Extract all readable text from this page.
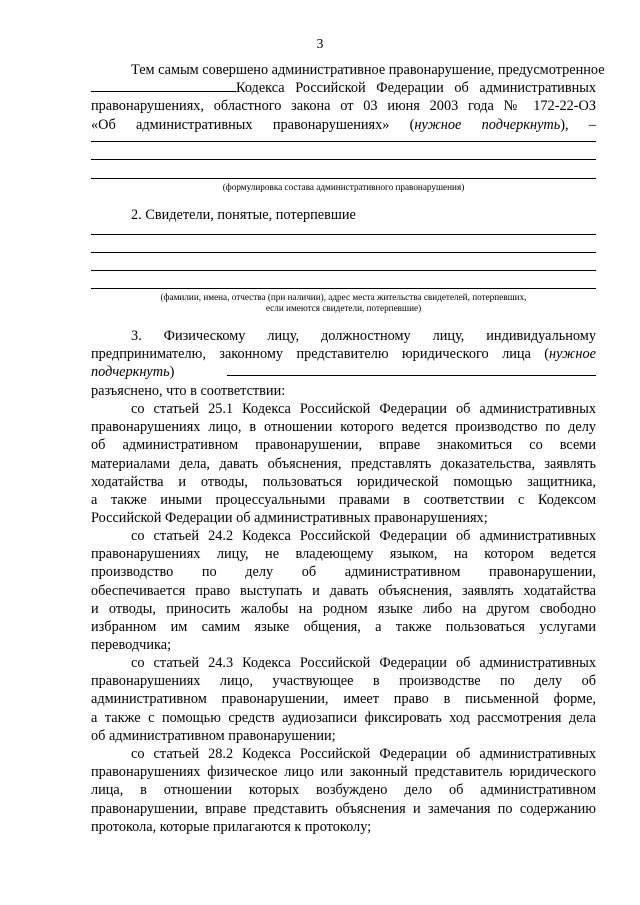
3
Тем самым совершено административное правонарушение, предусмотренное
Кодекса Российской Федерации об административных
правонарушениях, областного закона от 03 июня 2003 года № 172-22-ОЗ
«Об административных правонарушениях» (нужное подчеркнуть), –
(формулировка состава административного правонарушения)
2. Свидетели, понятые, потерпевшие
(фамилии, имена, отчества (при наличии), адрес места жительства свидетелей, потерпевших,
если имеются свидетели, потерпевшие)
3. Физическому лицу, должностному лицу, индивидуальному
предпринимателю, законному представителю юридического лица (нужное
подчеркнуть)
разъяснено, что в соответствии:
со статьей 25.1 Кодекса Российской Федерации об административных
правонарушениях лицо, в отношении которого ведется производство по делу
об административном правонарушении, вправе знакомиться со всеми
материалами дела, давать объяснения, представлять доказательства, заявлять
ходатайства и отводы, пользоваться юридической помощью защитника,
а также иными процессуальными правами в соответствии с Кодексом
Российской Федерации об административных правонарушениях;
со статьей 24.2 Кодекса Российской Федерации об административных
правонарушениях лицу, не владеющему языком, на котором ведется
производство по делу об административном правонарушении,
обеспечивается право выступать и давать объяснения, заявлять ходатайства
и отводы, приносить жалобы на родном языке либо на другом свободно
избранном им самим языке общения, а также пользоваться услугами
переводчика;
со статьей 24.3 Кодекса Российской Федерации об административных
правонарушениях лицо, участвующее в производстве по делу об
административном правонарушении, имеет право в письменной форме,
а также с помощью средств аудиозаписи фиксировать ход рассмотрения дела
об административном правонарушении;
со статьей 28.2 Кодекса Российской Федерации об административных
правонарушениях физическое лицо или законный представитель юридического
лица, в отношении которых возбуждено дело об административном
правонарушении, вправе представить объяснения и замечания по содержанию
протокола, которые прилагаются к протоколу;
